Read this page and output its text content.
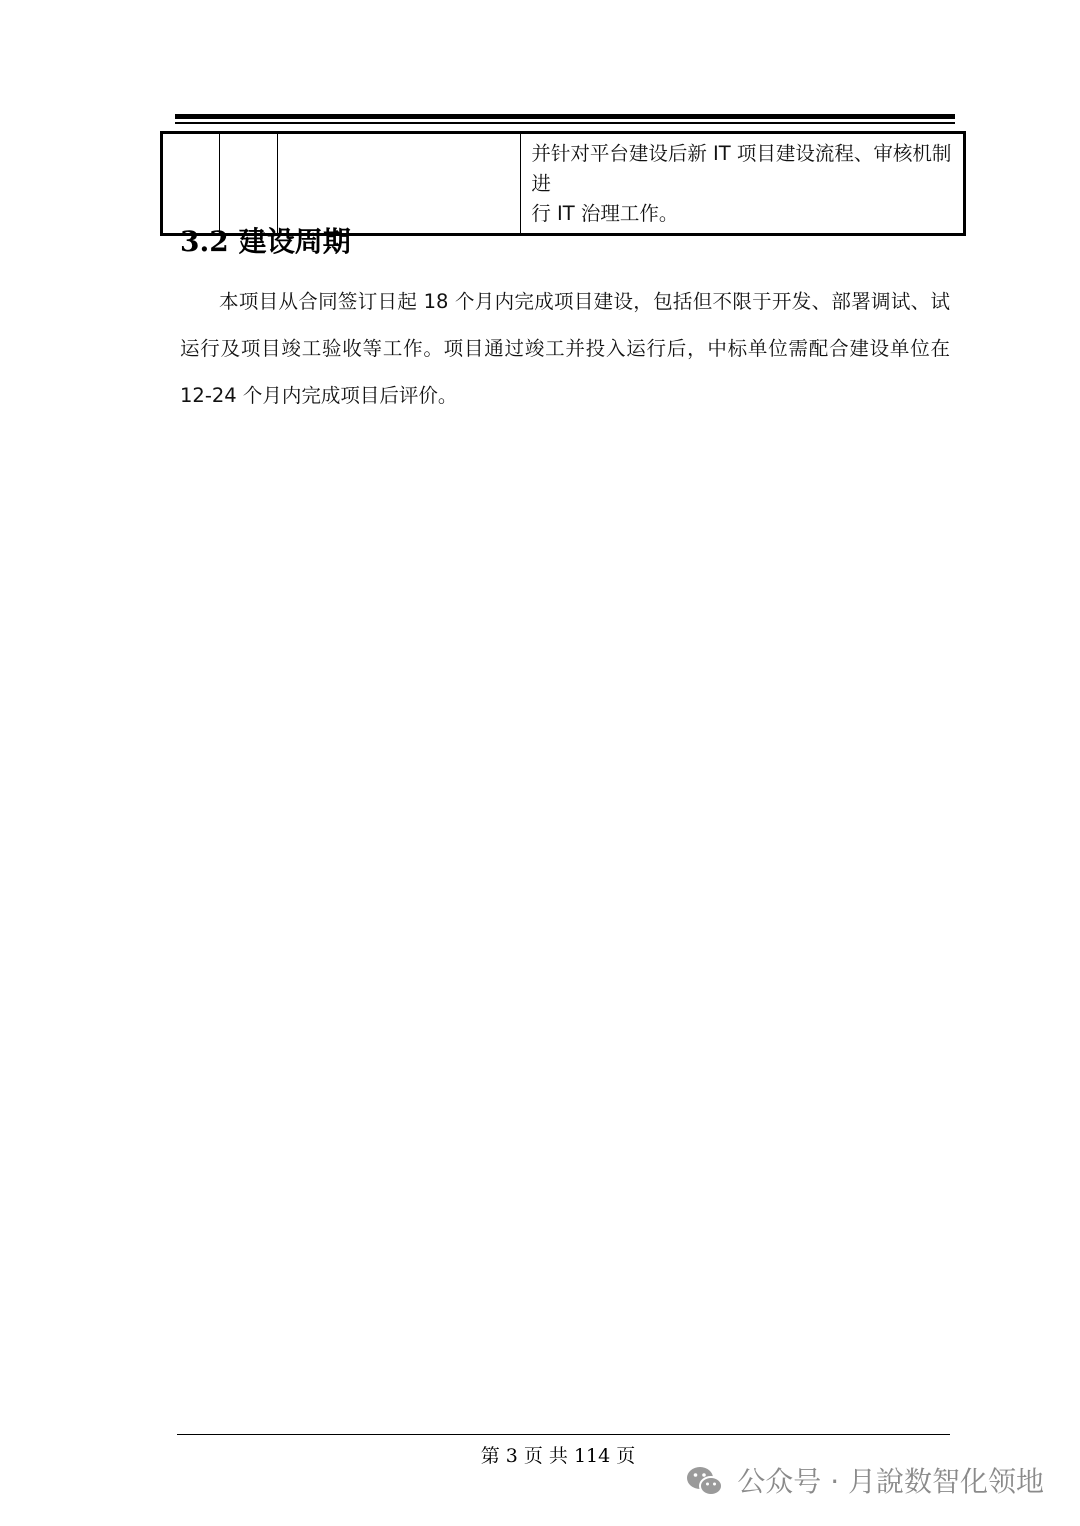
并针对平台建设后新 IT 项目建设流程、审核机制进
行 IT 治理工作。
3.2 建设周期

本项目从合同签订日起 18 个月内完成项目建设，包括但不限于开发、部署调试、试运行及项目竣工验收等工作。项目通过竣工并投入运行后，中标单位需配合建设单位在 12-24 个月内完成项目后评价。

第 3 页 共 114 页
公众号 · 月說数智化领地
